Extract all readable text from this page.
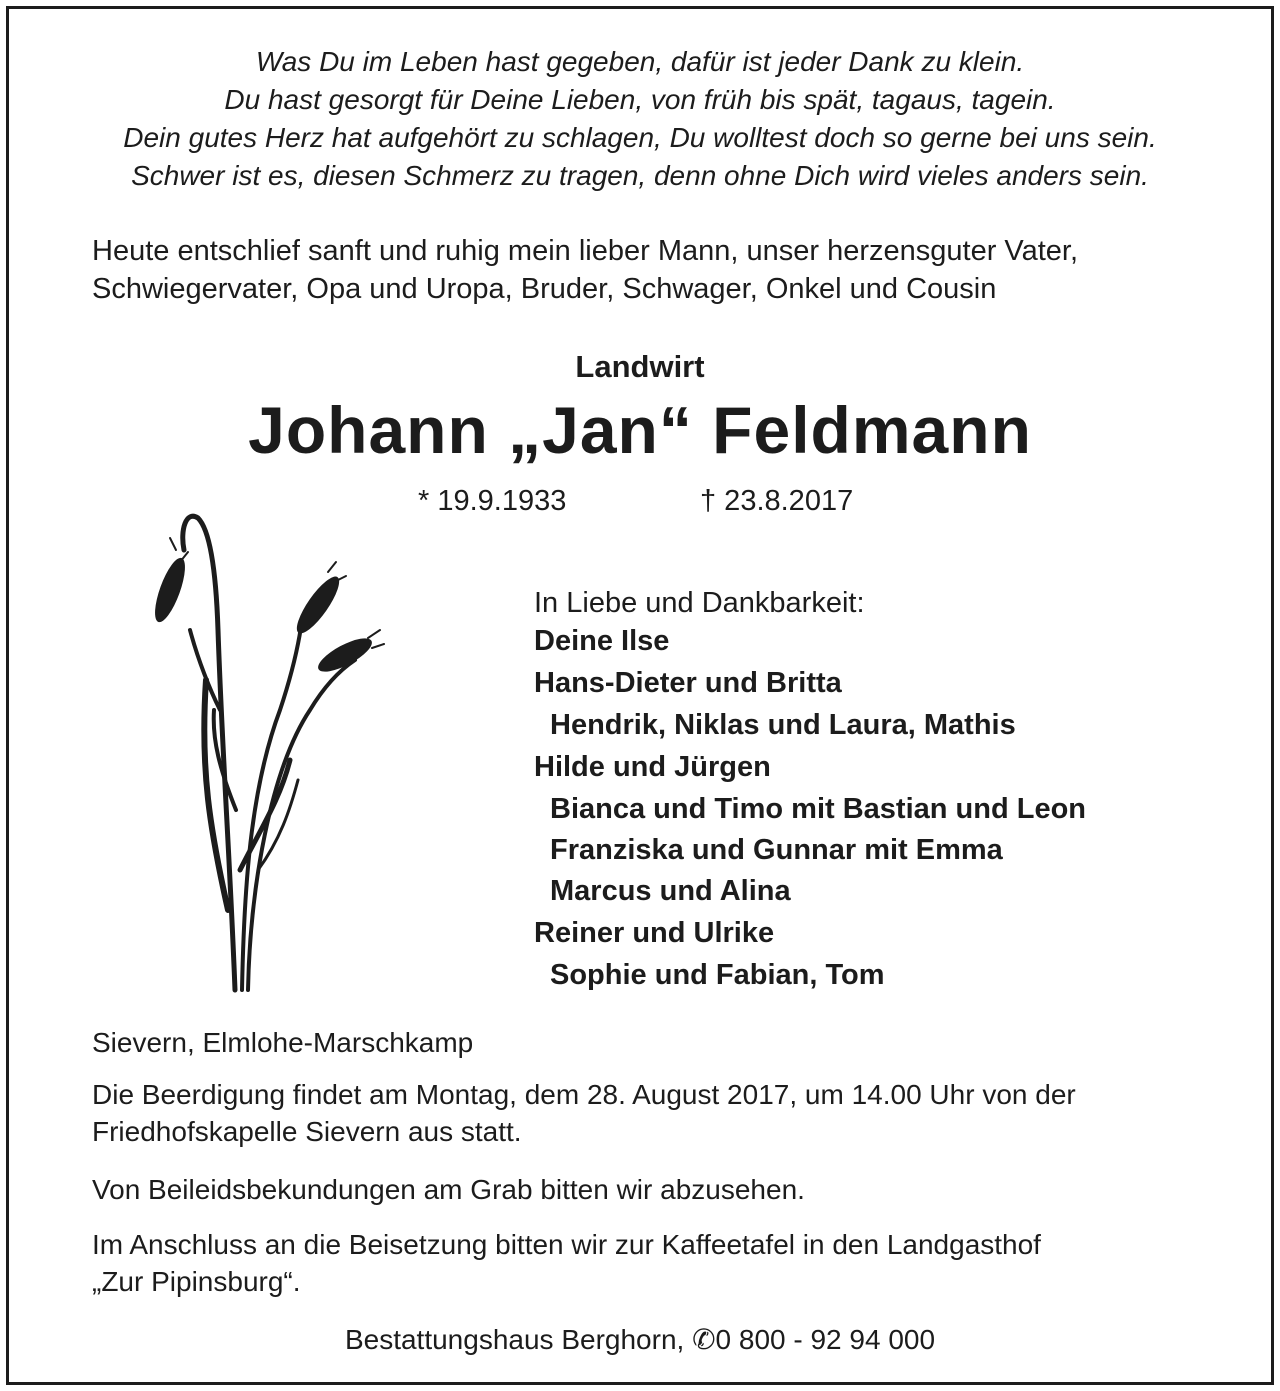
Was Du im Leben hast gegeben, dafür ist jeder Dank zu klein.

Du hast gesorgt für Deine Lieben, von früh bis spät, tagaus, tagein.

Dein gutes Herz hat aufgehört zu schlagen, Du wolltest doch so gerne bei uns sein.

Schwer ist es, diesen Schmerz zu tragen, denn ohne Dich wird vieles anders sein.

Heute entschlief sanft und ruhig mein lieber Mann, unser herzensguter Vater,

Schwiegervater, Opa und Uropa, Bruder, Schwager, Onkel und Cousin

Landwirt

Johann „Jan“ Feldmann

* 19.9.1933	† 23.8.2017

In Liebe und Dankbarkeit:

Deine Ilse

Hans-Dieter und Britta

Hendrik, Niklas und Laura, Mathis

Hilde und Jürgen

Bianca und Timo mit Bastian und Leon

Franziska und Gunnar mit Emma

Marcus und Alina

Reiner und Ulrike

Sophie und Fabian, Tom

Sievern, Elmlohe-Marschkamp

Die Beerdigung findet am Montag, dem 28. August 2017, um 14.00 Uhr von der

Friedhofskapelle Sievern aus statt.

Von Beileidsbekundungen am Grab bitten wir abzusehen.

Im Anschluss an die Beisetzung bitten wir zur Kaffeetafel in den Landgasthof

„Zur Pipinsburg“.

Bestattungshaus Berghorn, ✆0 800 - 92 94 000
